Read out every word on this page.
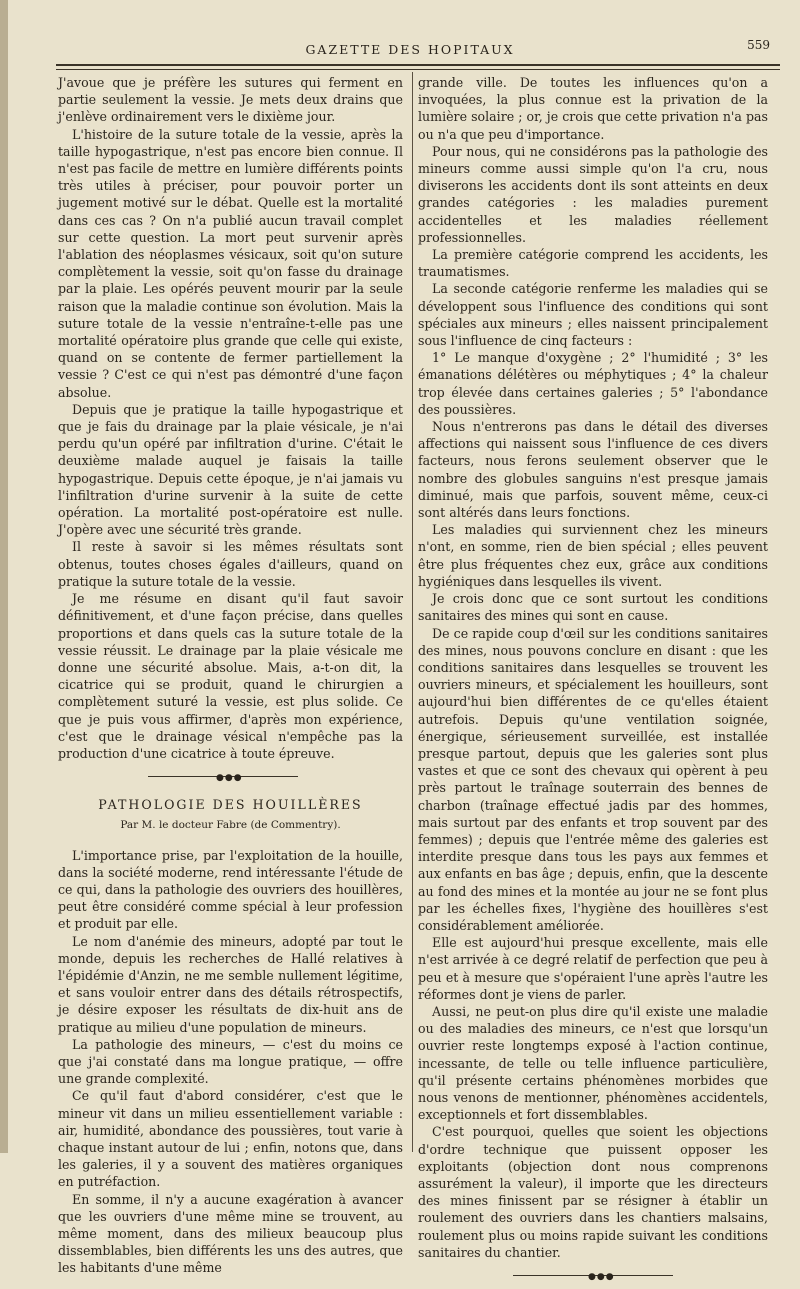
GAZETTE DES HOPITAUX	559

J'avoue que je préfère les sutures qui ferment en partie seulement la vessie. Je mets deux drains que j'enlève ordinairement vers le dixième jour.

L'histoire de la suture totale de la vessie, après la taille hypogastrique, n'est pas encore bien connue. Il n'est pas facile de mettre en lumière différents points très utiles à préciser, pour pouvoir porter un jugement motivé sur le débat. Quelle est la mortalité dans ces cas ? On n'a publié aucun travail complet sur cette question. La mort peut survenir après l'ablation des néoplasmes vésicaux, soit qu'on suture complètement la vessie, soit qu'on fasse du drainage par la plaie. Les opérés peuvent mourir par la seule raison que la maladie continue son évolution. Mais la suture totale de la vessie n'entraîne-t-elle pas une mortalité opératoire plus grande que celle qui existe, quand on se contente de fermer partiellement la vessie ? C'est ce qui n'est pas démontré d'une façon absolue.

Depuis que je pratique la taille hypogastrique et que je fais du drainage par la plaie vésicale, je n'ai perdu qu'un opéré par infiltration d'urine. C'était le deuxième malade auquel je faisais la taille hypogastrique. Depuis cette époque, je n'ai jamais vu l'infiltration d'urine survenir à la suite de cette opération. La mortalité post-opératoire est nulle. J'opère avec une sécurité très grande.

Il reste à savoir si les mêmes résultats sont obtenus, toutes choses égales d'ailleurs, quand on pratique la suture totale de la vessie.

Je me résume en disant qu'il faut savoir définitivement, et d'une façon précise, dans quelles proportions et dans quels cas la suture totale de la vessie réussit. Le drainage par la plaie vésicale me donne une sécurité absolue. Mais, a-t-on dit, la cicatrice qui se produit, quand le chirurgien a complètement suturé la vessie, est plus solide. Ce que je puis vous affirmer, d'après mon expérience, c'est que le drainage vésical n'empêche pas la production d'une cicatrice à toute épreuve.

●●●
PATHOLOGIE DES HOUILLÈRES
Par M. le docteur Fabre (de Commentry).

L'importance prise, par l'exploitation de la houille, dans la société moderne, rend intéressante l'étude de ce qui, dans la pathologie des ouvriers des houillères, peut être considéré comme spécial à leur profession et produit par elle.

Le nom d'anémie des mineurs, adopté par tout le monde, depuis les recherches de Hallé relatives à l'épidémie d'Anzin, ne me semble nullement légitime, et sans vouloir entrer dans des détails rétrospectifs, je désire exposer les résultats de dix-huit ans de pratique au milieu d'une population de mineurs.

La pathologie des mineurs, — c'est du moins ce que j'ai constaté dans ma longue pratique, — offre une grande complexité.

Ce qu'il faut d'abord considérer, c'est que le mineur vit dans un milieu essentiellement variable : air, humidité, abondance des poussières, tout varie à chaque instant autour de lui ; enfin, notons que, dans les galeries, il y a souvent des matières organiques en putréfaction.

En somme, il n'y a aucune exagération à avancer que les ouvriers d'une même mine se trouvent, au même moment, dans des milieux beaucoup plus dissemblables, bien différents les uns des autres, que les habitants d'une même

grande ville. De toutes les influences qu'on a invoquées, la plus connue est la privation de la lumière solaire ; or, je crois que cette privation n'a pas ou n'a que peu d'importance.

Pour nous, qui ne considérons pas la pathologie des mineurs comme aussi simple qu'on l'a cru, nous diviserons les accidents dont ils sont atteints en deux grandes catégories : les maladies purement accidentelles et les maladies réellement professionnelles.

La première catégorie comprend les accidents, les traumatismes.

La seconde catégorie renferme les maladies qui se développent sous l'influence des conditions qui sont spéciales aux mineurs ; elles naissent principalement sous l'influence de cinq facteurs :

1° Le manque d'oxygène ; 2° l'humidité ; 3° les émanations délétères ou méphytiques ; 4° la chaleur trop élevée dans certaines galeries ; 5° l'abondance des poussières.

Nous n'entrerons pas dans le détail des diverses affections qui naissent sous l'influence de ces divers facteurs, nous ferons seulement observer que le nombre des globules sanguins n'est presque jamais diminué, mais que parfois, souvent même, ceux-ci sont altérés dans leurs fonctions.

Les maladies qui surviennent chez les mineurs n'ont, en somme, rien de bien spécial ; elles peuvent être plus fréquentes chez eux, grâce aux conditions hygiéniques dans lesquelles ils vivent.

Je crois donc que ce sont surtout les conditions sanitaires des mines qui sont en cause.

De ce rapide coup d'œil sur les conditions sanitaires des mines, nous pouvons conclure en disant : que les conditions sanitaires dans lesquelles se trouvent les ouvriers mineurs, et spécialement les houilleurs, sont aujourd'hui bien différentes de ce qu'elles étaient autrefois. Depuis qu'une ventilation soignée, énergique, sérieusement surveillée, est installée presque partout, depuis que les galeries sont plus vastes et que ce sont des chevaux qui opèrent à peu près partout le traînage souterrain des bennes de charbon (traînage effectué jadis par des hommes, mais surtout par des enfants et trop souvent par des femmes) ; depuis que l'entrée même des galeries est interdite presque dans tous les pays aux femmes et aux enfants en bas âge ; depuis, enfin, que la descente au fond des mines et la montée au jour ne se font plus par les échelles fixes, l'hygiène des houillères s'est considérablement améliorée.

Elle est aujourd'hui presque excellente, mais elle n'est arrivée à ce degré relatif de perfection que peu à peu et à mesure que s'opéraient l'une après l'autre les réformes dont je viens de parler.

Aussi, ne peut-on plus dire qu'il existe une maladie ou des maladies des mineurs, ce n'est que lorsqu'un ouvrier reste longtemps exposé à l'action continue, incessante, de telle ou telle influence particulière, qu'il présente certains phénomènes morbides que nous venons de mentionner, phénomènes accidentels, exceptionnels et fort dissemblables.

C'est pourquoi, quelles que soient les objections d'ordre technique que puissent opposer les exploitants (objection dont nous comprenons assurément la valeur), il importe que les directeurs des mines finissent par se résigner à établir un roulement des ouvriers dans les chantiers malsains, roulement plus ou moins rapide suivant les conditions sanitaires du chantier.

●●●
